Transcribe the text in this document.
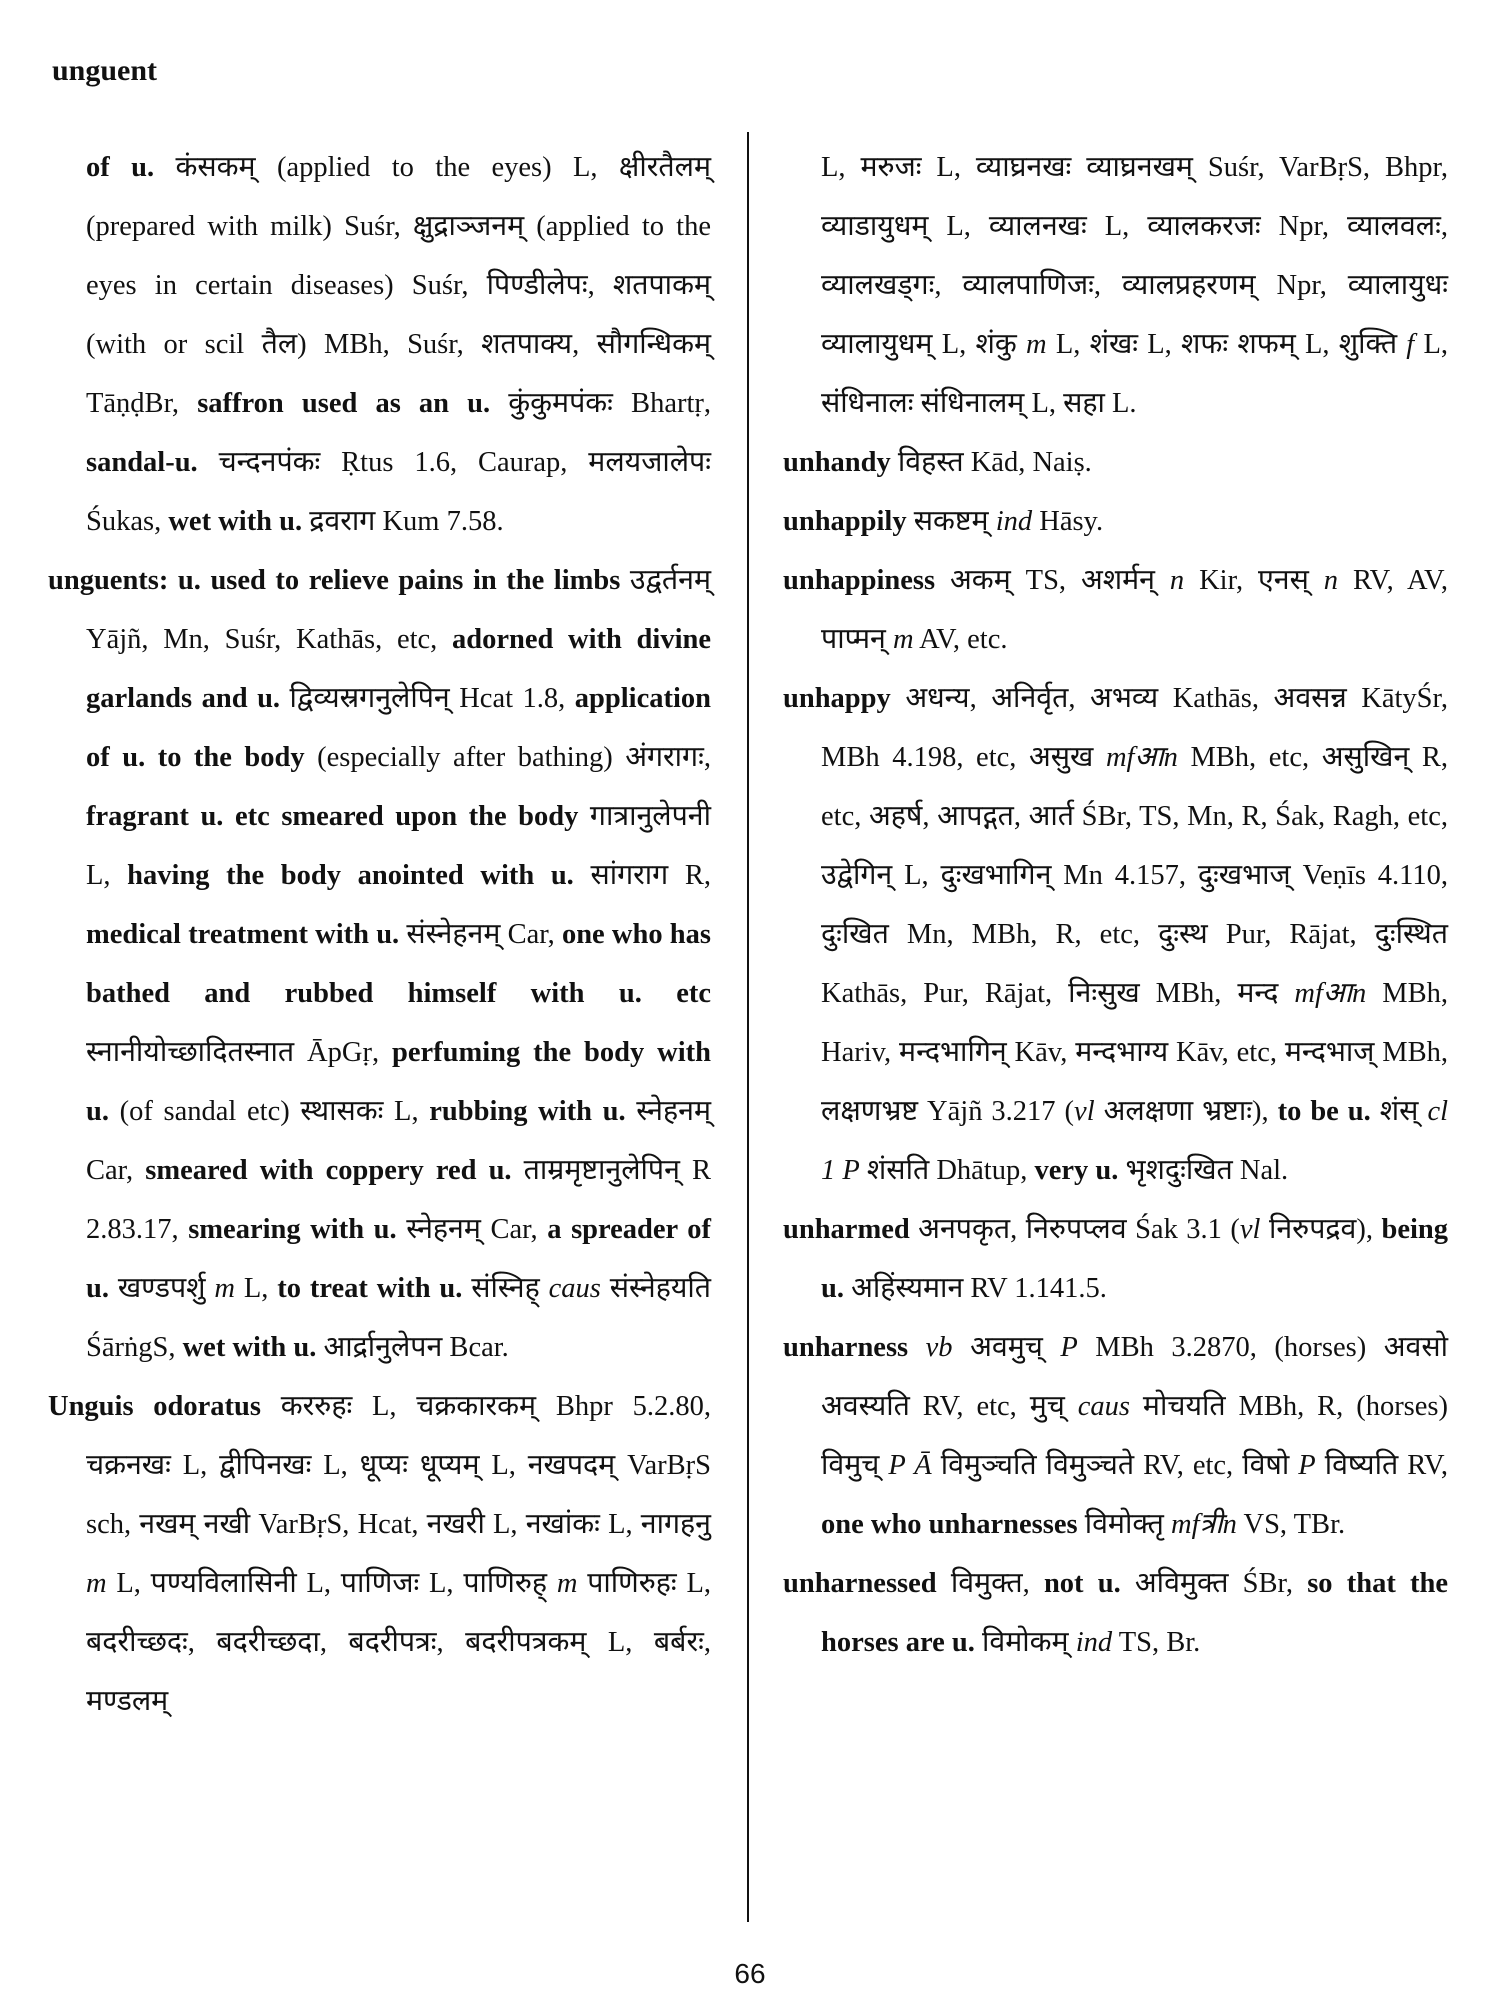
unguent
of u. कंसकम् (applied to the eyes) L, क्षीरतैलम् (prepared with milk) Suśr, क्षुद्राञ्जनम् (applied to the eyes in certain diseases) Suśr, पिण्डीलेपः, शतपाकम् (with or scil तैल) MBh, Suśr, शतपाक्य, सौगन्धिकम् TāṇḍBr, saffron used as an u. कुंकुमपंकः Bhartṛ, sandal-u. चन्दनपंकः Ṛtus 1.6, Caurap, मलयजालेपः Śukas, wet with u. द्रवराग Kum 7.58.
unguents: u. used to relieve pains in the limbs उद्वर्तनम् Yājñ, Mn, Suśr, Kathās, etc, adorned with divine garlands and u. द्विव्यस्रगनुलेपिन् Hcat 1.8, application of u. to the body (especially after bathing) अंगरागः, fragrant u. etc smeared upon the body गात्रानुलेपनी L, having the body anointed with u. सांगराग R, medical treatment with u. संस्नेहनम् Car, one who has bathed and rubbed himself with u. etc स्नानीयोच्छादितस्नात ĀpGṛ, perfuming the body with u. (of sandal etc) स्थासकः L, rubbing with u. स्नेहनम् Car, smeared with coppery red u. ताम्रमृष्टानुलेपिन् R 2.83.17, smearing with u. स्नेहनम् Car, a spreader of u. खण्डपर्शु m L, to treat with u. संस्निह् caus संस्नेहयति ŚārṅgS, wet with u. आर्द्रानुलेपन Bcar.
Unguis odoratus कररुहः L, चक्रकारकम् Bhpr 5.2.80, चक्रनखः L, द्वीपिनखः L, धूप्यः धूप्यम् L, नखपदम् VarBṛS sch, नखम् नखी VarBṛS, Hcat, नखरी L, नखांकः L, नागहनु m L, पण्यविलासिनी L, पाणिजः L, पाणिरुह् m पाणिरुहः L, बदरीच्छदः, बदरीच्छदा, बदरीपत्रः, बदरीपत्रकम् L, बर्बरः, मण्डलम्
L, मरुजः L, व्याघ्रनखः व्याघ्रनखम् Suśr, VarBṛS, Bhpr, व्याडायुधम् L, व्यालनखः L, व्यालकरजः Npr, व्यालवलः, व्यालखड्गः, व्यालपाणिजः, व्यालप्रहरणम् Npr, व्यालायुधः व्यालायुधम् L, शंकु m L, शंखः L, शफः शफम् L, शुक्ति f L, संधिनालः संधिनालम् L, सहा L.
unhandy विहस्त Kād, Naiṣ.
unhappily सकष्टम् ind Hāsy.
unhappiness अकम् TS, अशर्मन् n Kir, एनस् n RV, AV, पाप्मन् m AV, etc.
unhappy अधन्य, अनिर्वृत, अभव्य Kathās, अवसन्न KātyŚr, MBh 4.198, etc, असुख mfआn MBh, etc, असुखिन् R, etc, अहर्ष, आपद्गत, आर्त ŚBr, TS, Mn, R, Śak, Ragh, etc, उद्वेगिन् L, दुःखभागिन् Mn 4.157, दुःखभाज् Veṇīs 4.110, दुःखित Mn, MBh, R, etc, दुःस्थ Pur, Rājat, दुःस्थित Kathās, Pur, Rājat, निःसुख MBh, मन्द mfआn MBh, Hariv, मन्दभागिन् Kāv, मन्दभाग्य Kāv, etc, मन्दभाज् MBh, लक्षणभ्रष्ट Yājñ 3.217 (vl अलक्षणा भ्रष्टाः), to be u. शंस् cl 1 P शंसति Dhātup, very u. भृशदुःखित Nal.
unharmed अनपकृत, निरुपप्लव Śak 3.1 (vl निरुपद्रव), being u. अहिंस्यमान RV 1.141.5.
unharness vb अवमुच् P MBh 3.2870, (horses) अवसो अवस्यति RV, etc, मुच् caus मोचयति MBh, R, (horses) विमुच् P Ā विमुञ्चति विमुञ्चते RV, etc, विषो P विष्यति RV, one who unharnesses विमोक्तृ mfत्रीn VS, TBr.
unharnessed विमुक्त, not u. अविमुक्त ŚBr, so that the horses are u. विमोकम् ind TS, Br.
66
